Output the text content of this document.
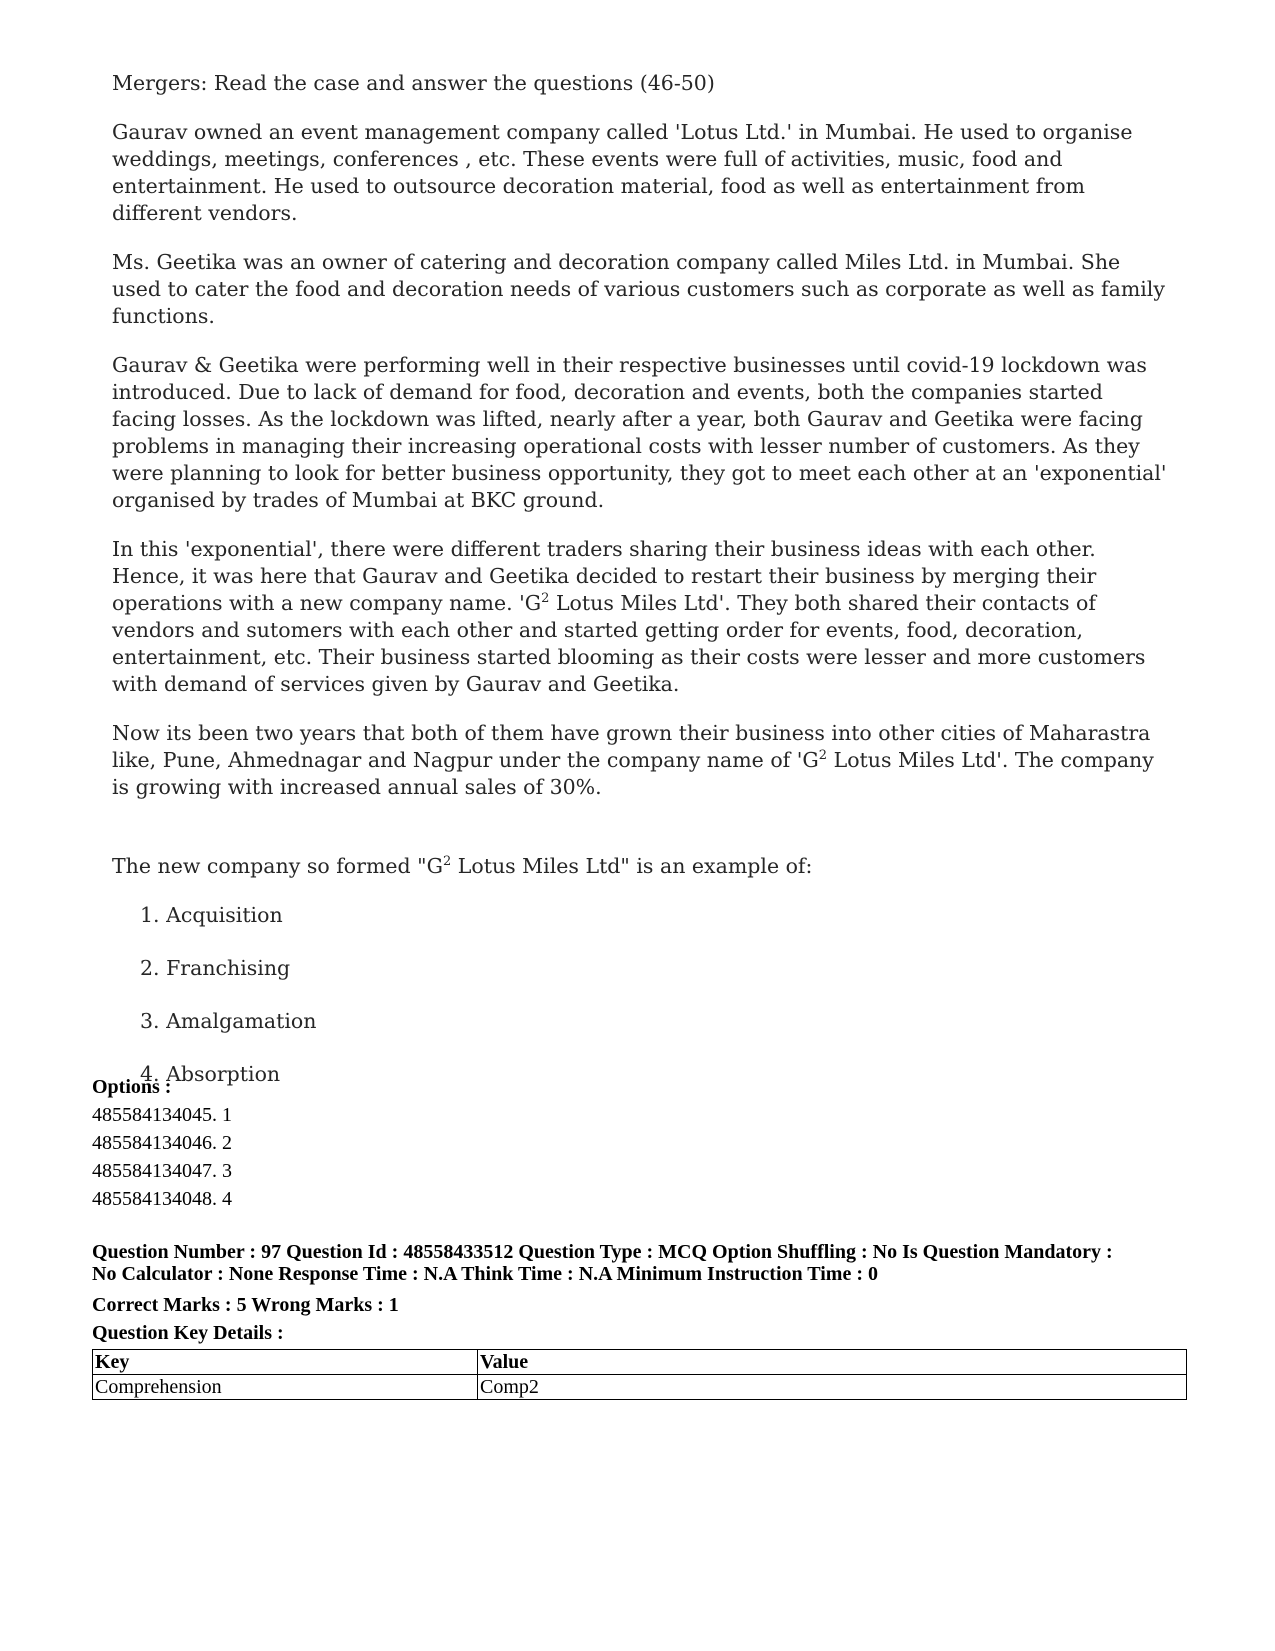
Mergers: Read the case and answer the questions (46-50)

Gaurav owned an event management company called 'Lotus Ltd.' in Mumbai. He used to organise weddings, meetings, conferences , etc. These events were full of activities, music, food and entertainment. He used to outsource decoration material, food as well as entertainment from different vendors.

Ms. Geetika was an owner of catering and decoration company called Miles Ltd. in Mumbai. She used to cater the food and decoration needs of various customers such as corporate as well as family functions.

Gaurav & Geetika were performing well in their respective businesses until covid-19 lockdown was introduced. Due to lack of demand for food, decoration and events, both the companies started facing losses. As the lockdown was lifted, nearly after a year, both Gaurav and Geetika were facing problems in managing their increasing operational costs with lesser number of customers. As they were planning to look for better business opportunity, they got to meet each other at an 'exponential' organised by trades of Mumbai at BKC ground.

In this 'exponential', there were different traders sharing their business ideas with each other. Hence, it was here that Gaurav and Geetika decided to restart their business by merging their operations with a new company name. '$G^2$ Lotus Miles Ltd'. They both shared their contacts of vendors and sutomers with each other and started getting order for events, food, decoration, entertainment, etc. Their business started blooming as their costs were lesser and more customers with demand of services given by Gaurav and Geetika.

Now its been two years that both of them have grown their business into other cities of Maharastra like, Pune, Ahmednagar and Nagpur under the company name of '$G^2$ Lotus Miles Ltd'. The company is growing with increased annual sales of 30%.

The new company so formed "$G^2$ Lotus Miles Ltd" is an example of:

1. Acquisition
2. Franchising
3. Amalgamation
4. Absorption
Options :
485584134045. 1
485584134046. 2
485584134047. 3
485584134048. 4
Question Number : 97 Question Id : 48558433512 Question Type : MCQ Option Shuffling : No Is Question Mandatory :
No Calculator : None Response Time : N.A Think Time : N.A Minimum Instruction Time : 0
Correct Marks : 5 Wrong Marks : 1
Question Key Details :
Key	Value
Comprehension	Comp2
